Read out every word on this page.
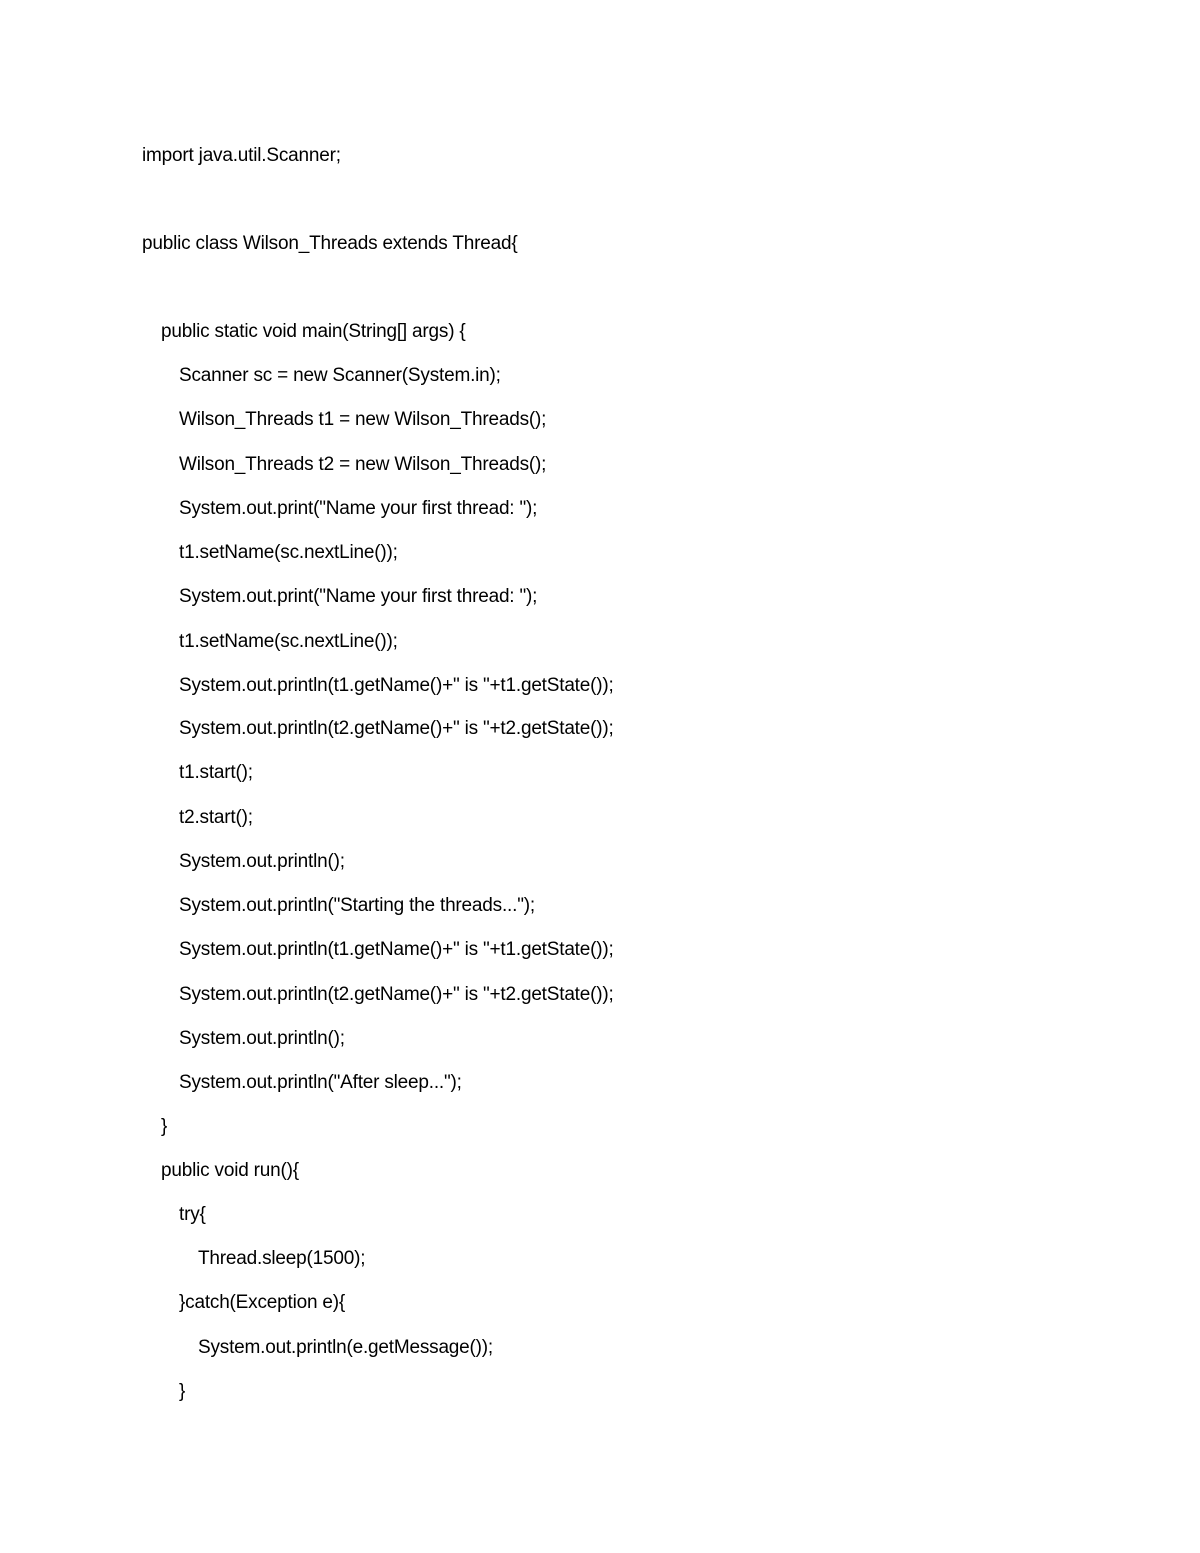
import java.util.Scanner;
public class Wilson_Threads extends Thread{
public static void main(String[] args) {
Scanner sc = new Scanner(System.in);
Wilson_Threads t1 = new Wilson_Threads();
Wilson_Threads t2 = new Wilson_Threads();
System.out.print("Name your first thread: ");
t1.setName(sc.nextLine());
System.out.print("Name your first thread: ");
t1.setName(sc.nextLine());
System.out.println(t1.getName()+" is "+t1.getState());
System.out.println(t2.getName()+" is "+t2.getState());
t1.start();
t2.start();
System.out.println();
System.out.println("Starting the threads...");
System.out.println(t1.getName()+" is "+t1.getState());
System.out.println(t2.getName()+" is "+t2.getState());
System.out.println();
System.out.println("After sleep...");
}
public void run(){
try{
Thread.sleep(1500);
}catch(Exception e){
System.out.println(e.getMessage());
}
